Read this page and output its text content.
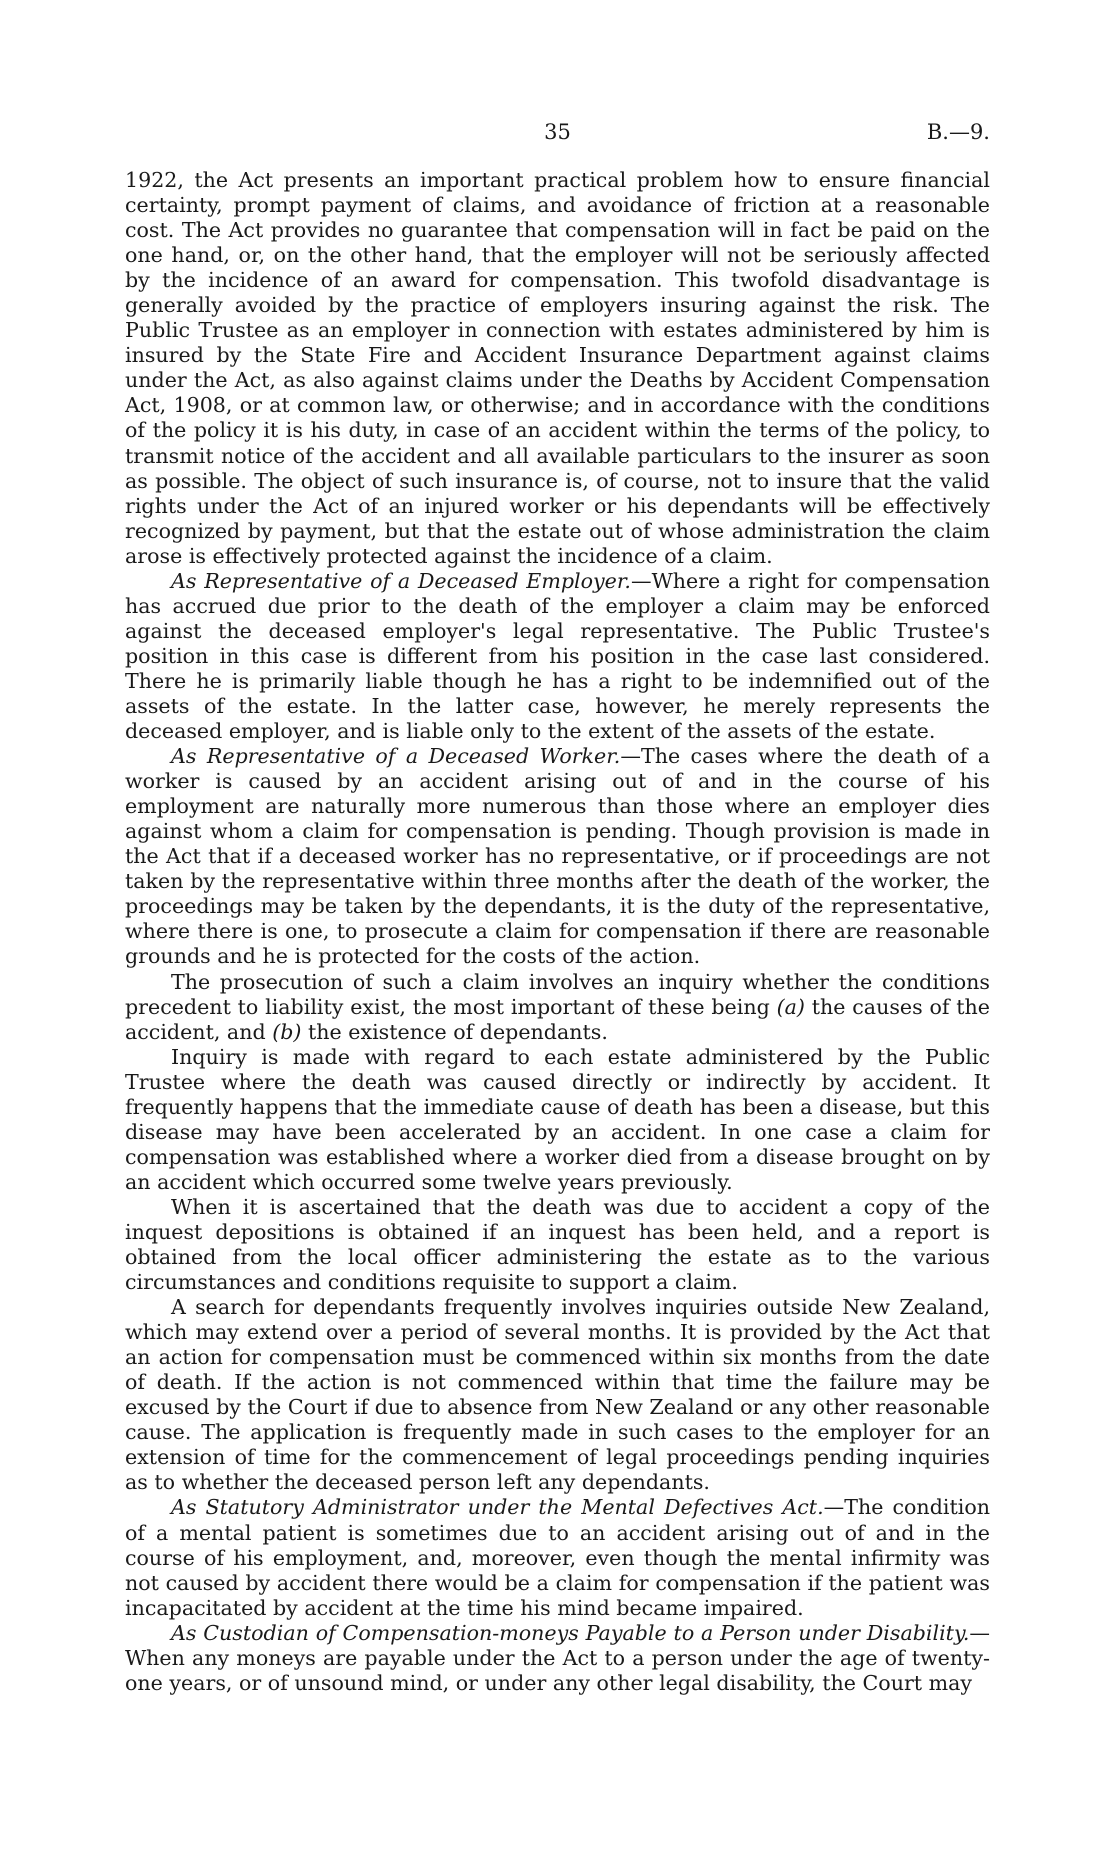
35	B.—9.

1922, the Act presents an important practical problem how to ensure financial certainty, prompt payment of claims, and avoidance of friction at a reasonable cost. The Act provides no guarantee that compensation will in fact be paid on the one hand, or, on the other hand, that the employer will not be seriously affected by the incidence of an award for compensation. This twofold disadvantage is generally avoided by the practice of employers insuring against the risk. The Public Trustee as an employer in connection with estates administered by him is insured by the State Fire and Accident Insurance Department against claims under the Act, as also against claims under the Deaths by Accident Compensation Act, 1908, or at common law, or otherwise; and in accordance with the conditions of the policy it is his duty, in case of an accident within the terms of the policy, to transmit notice of the accident and all available particulars to the insurer as soon as possible. The object of such insurance is, of course, not to insure that the valid rights under the Act of an injured worker or his dependants will be effectively recognized by payment, but that the estate out of whose administration the claim arose is effectively protected against the incidence of a claim.

As Representative of a Deceased Employer.—Where a right for compensation has accrued due prior to the death of the employer a claim may be enforced against the deceased employer's legal representative. The Public Trustee's position in this case is different from his position in the case last considered. There he is primarily liable though he has a right to be indemnified out of the assets of the estate. In the latter case, however, he merely represents the deceased employer, and is liable only to the extent of the assets of the estate.

As Representative of a Deceased Worker.—The cases where the death of a worker is caused by an accident arising out of and in the course of his employment are naturally more numerous than those where an employer dies against whom a claim for compensation is pending. Though provision is made in the Act that if a deceased worker has no representative, or if proceedings are not taken by the representative within three months after the death of the worker, the proceedings may be taken by the dependants, it is the duty of the representative, where there is one, to prosecute a claim for compensation if there are reasonable grounds and he is protected for the costs of the action.

The prosecution of such a claim involves an inquiry whether the conditions precedent to liability exist, the most important of these being (a) the causes of the accident, and (b) the existence of dependants.

Inquiry is made with regard to each estate administered by the Public Trustee where the death was caused directly or indirectly by accident. It frequently happens that the immediate cause of death has been a disease, but this disease may have been accelerated by an accident. In one case a claim for compensation was established where a worker died from a disease brought on by an accident which occurred some twelve years previously.

When it is ascertained that the death was due to accident a copy of the inquest depositions is obtained if an inquest has been held, and a report is obtained from the local officer administering the estate as to the various circumstances and conditions requisite to support a claim.

A search for dependants frequently involves inquiries outside New Zealand, which may extend over a period of several months. It is provided by the Act that an action for compensation must be commenced within six months from the date of death. If the action is not commenced within that time the failure may be excused by the Court if due to absence from New Zealand or any other reasonable cause. The application is frequently made in such cases to the employer for an extension of time for the commencement of legal proceedings pending inquiries as to whether the deceased person left any dependants.

As Statutory Administrator under the Mental Defectives Act.—The condition of a mental patient is sometimes due to an accident arising out of and in the course of his employment, and, moreover, even though the mental infirmity was not caused by accident there would be a claim for compensation if the patient was incapacitated by accident at the time his mind became impaired.

As Custodian of Compensation-moneys Payable to a Person under Disability.—When any moneys are payable under the Act to a person under the age of twenty-one years, or of unsound mind, or under any other legal disability, the Court may
